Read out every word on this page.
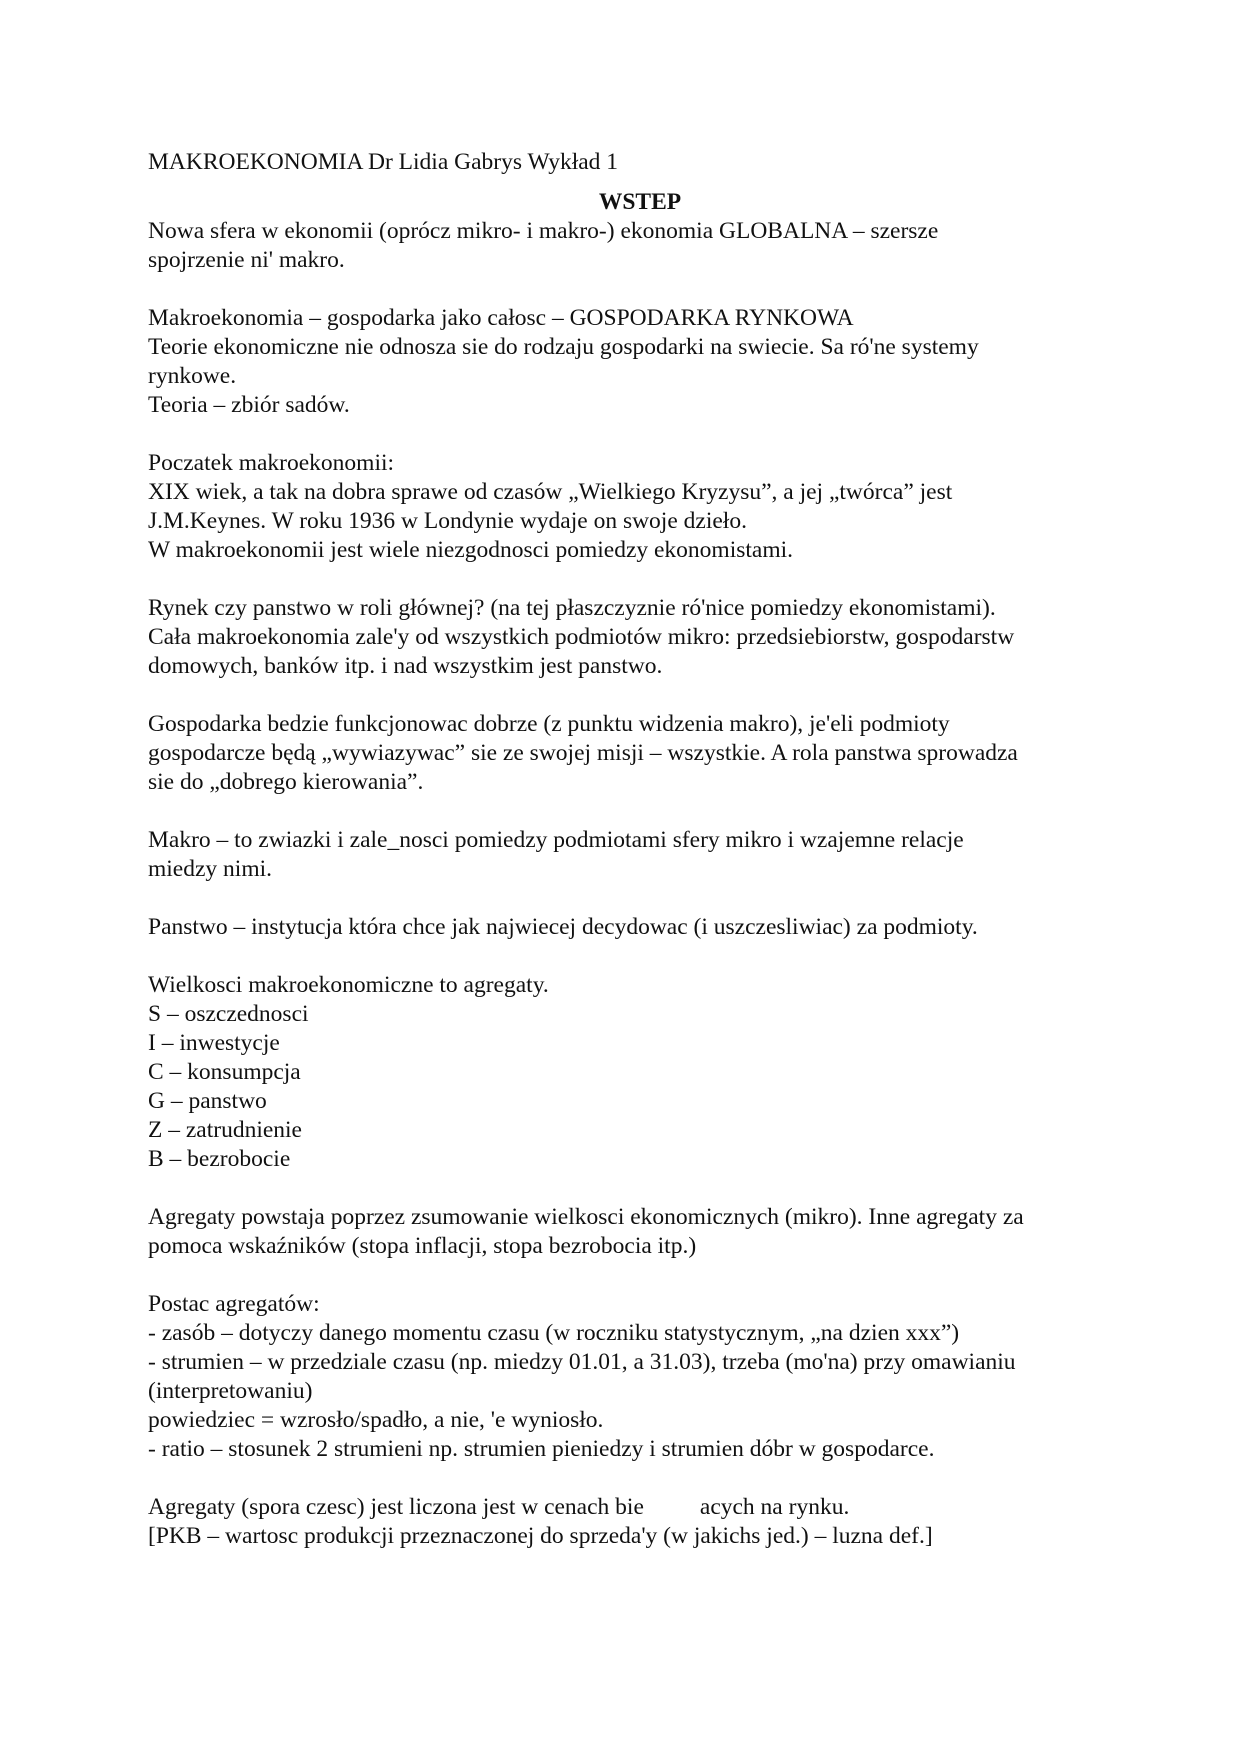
MAKROEKONOMIA Dr Lidia Gabrys Wykład 1
WSTEP
Nowa sfera w ekonomii (oprócz mikro- i makro-) ekonomia GLOBALNA – szersze
spojrzenie ni' makro.
Makroekonomia – gospodarka jako całosc – GOSPODARKA RYNKOWA
Teorie ekonomiczne nie odnosza sie do rodzaju gospodarki na swiecie. Sa ró'ne systemy
rynkowe.
Teoria – zbiór sadów.
Poczatek makroekonomii:
XIX wiek, a tak na dobra sprawe od czasów „Wielkiego Kryzysu”, a jej „twórca” jest
J.M.Keynes. W roku 1936 w Londynie wydaje on swoje dzieło.
W makroekonomii jest wiele niezgodnosci pomiedzy ekonomistami.
Rynek czy panstwo w roli głównej? (na tej płaszczyznie ró'nice pomiedzy ekonomistami).
Cała makroekonomia zale'y od wszystkich podmiotów mikro: przedsiebiorstw, gospodarstw
domowych, banków itp. i nad wszystkim jest panstwo.
Gospodarka bedzie funkcjonowac dobrze (z punktu widzenia makro), je'eli podmioty
gospodarcze będą „wywiazywac” sie ze swojej misji – wszystkie. A rola panstwa sprowadza
sie do „dobrego kierowania”.
Makro – to zwiazki i zale_nosci pomiedzy podmiotami sfery mikro i wzajemne relacje
miedzy nimi.
Panstwo – instytucja która chce jak najwiecej decydowac (i uszczesliwiac) za podmioty.
Wielkosci makroekonomiczne to agregaty.
S – oszczednosci
I – inwestycje
C – konsumpcja
G – panstwo
Z – zatrudnienie
B – bezrobocie
Agregaty powstaja poprzez zsumowanie wielkosci ekonomicznych (mikro). Inne agregaty za
pomoca wskaźników (stopa inflacji, stopa bezrobocia itp.)
Postac agregatów:
- zasób – dotyczy danego momentu czasu (w roczniku statystycznym, „na dzien xxx”)
- strumien – w przedziale czasu (np. miedzy 01.01, a 31.03), trzeba (mo'na) przy omawianiu
(interpretowaniu)
powiedziec = wzrosło/spadło, a nie, 'e wyniosło.
- ratio – stosunek 2 strumieni np. strumien pieniedzy i strumien dóbr w gospodarce.
Agregaty (spora czesc) jest liczona jest w cenach bie acych na rynku.
[PKB – wartosc produkcji przeznaczonej do sprzeda'y (w jakichs jed.) – luzna def.]
